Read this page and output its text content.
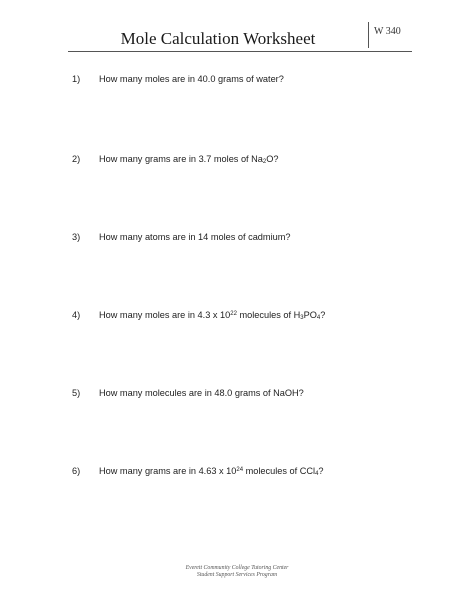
Mole Calculation Worksheet	W 340
1) How many moles are in 40.0 grams of water?
2) How many grams are in 3.7 moles of $Na_2O$?
3) How many atoms are in 14 moles of cadmium?
4) How many moles are in 4.3 x $10^{22}$ molecules of $H_3PO_4$?
5) How many molecules are in 48.0 grams of NaOH?
6) How many grams are in 4.63 x $10^{24}$ molecules of CCl$_4$?
Everett Community College Tutoring Center
Student Support Services Program
